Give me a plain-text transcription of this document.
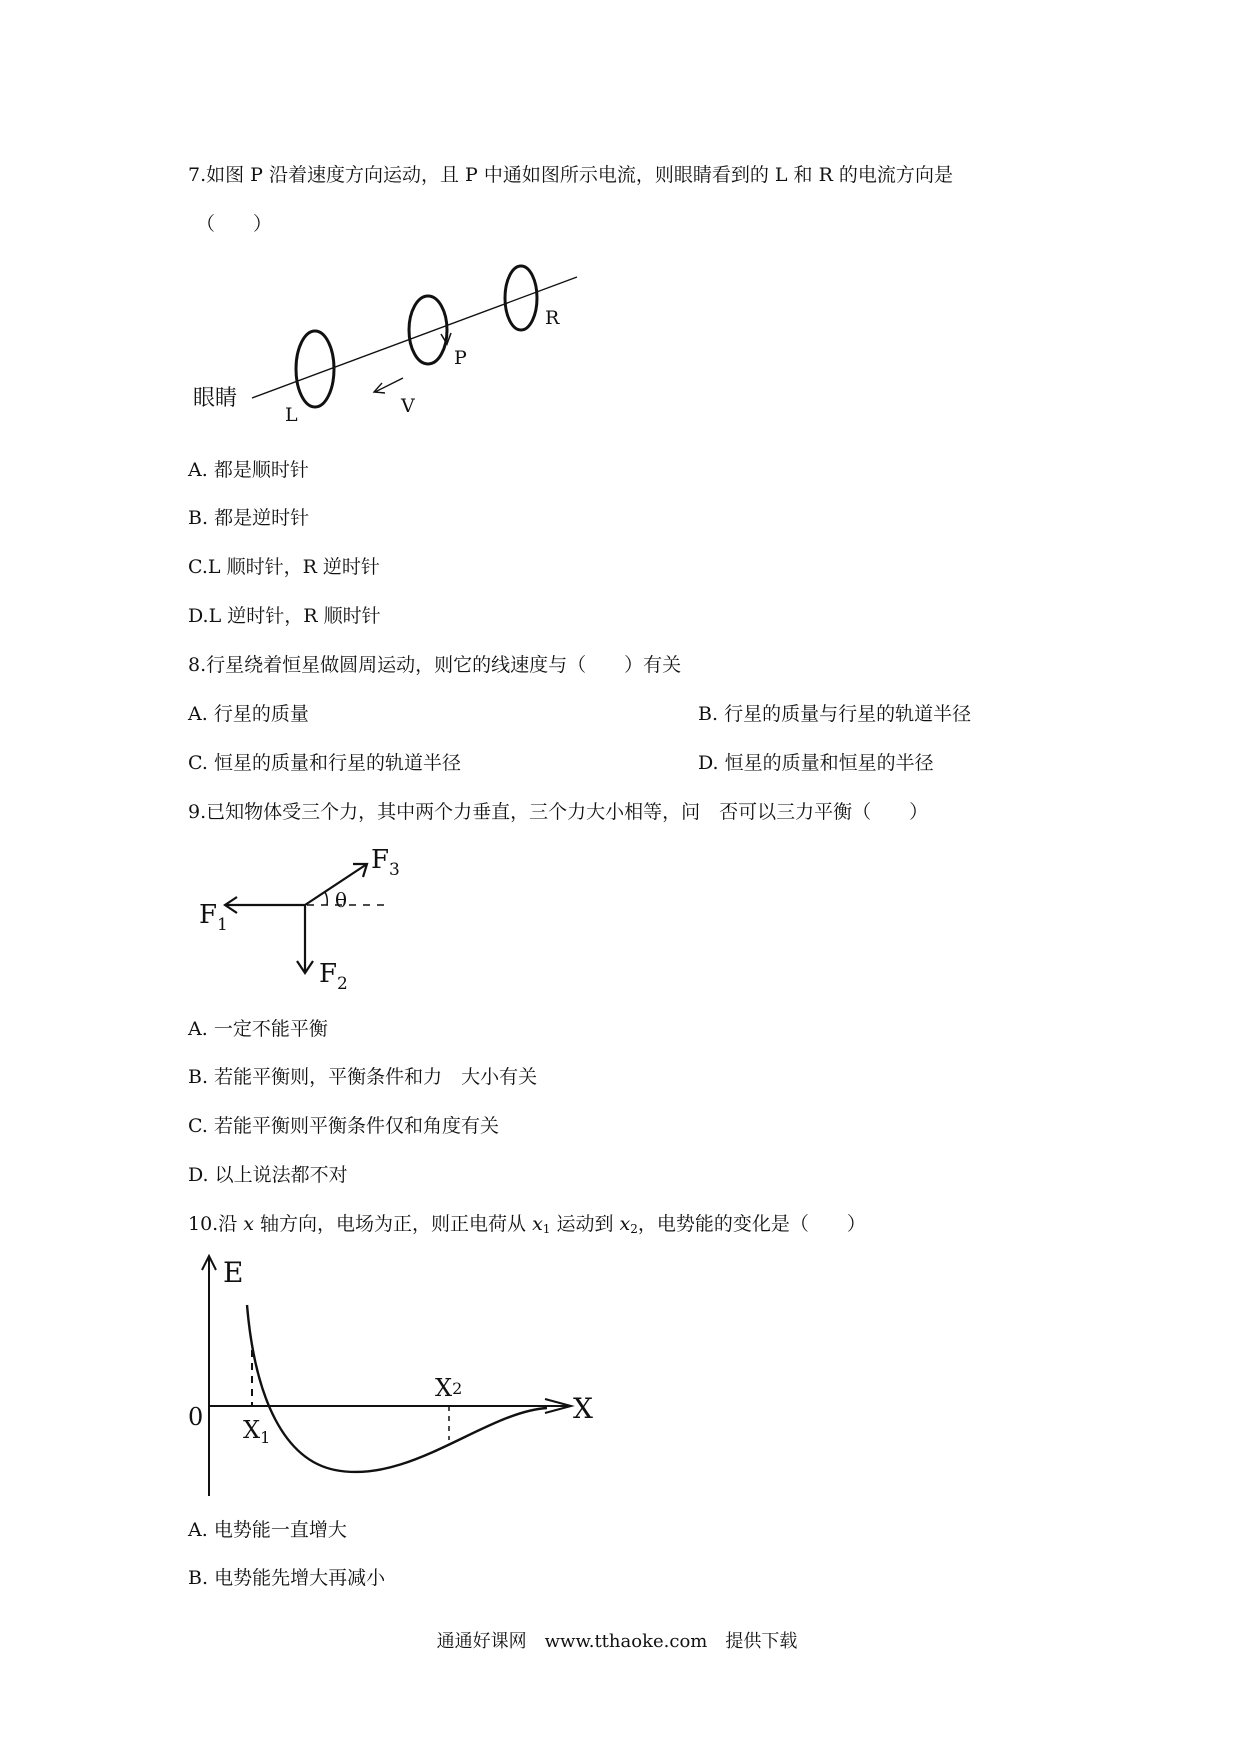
7.如图 P 沿着速度方向运动，且 P 中通如图所示电流，则眼睛看到的 L 和 R 的电流方向是
（　　）
眼睛
L
P
R
V
A. 都是顺时针
B. 都是逆时针
C.L 顺时针，R 逆时针
D.L 逆时针，R 顺时针
8.行星绕着恒星做圆周运动，则它的线速度与（　　）有关
A. 行星的质量	B. 行星的质量与行星的轨道半径
C. 恒星的质量和行星的轨道半径	D. 恒星的质量和恒星的半径
9.已知物体受三个力，其中两个力垂直，三个力大小相等，问　否可以三力平衡（　　）
$F_1$
$F_2$
$F_3$
θ
A. 一定不能平衡
B. 若能平衡则，平衡条件和力　大小有关
C. 若能平衡则平衡条件仅和角度有关
D. 以上说法都不对
10.沿 x 轴方向，电场为正，则正电荷从 $x_1$ 运动到 $x_2$，电势能的变化是（　　）
E
X
0 $X_1$
X2
A. 电势能一直增大
B. 电势能先增大再减小
通通好课网　www.tthaoke.com　提供下载
